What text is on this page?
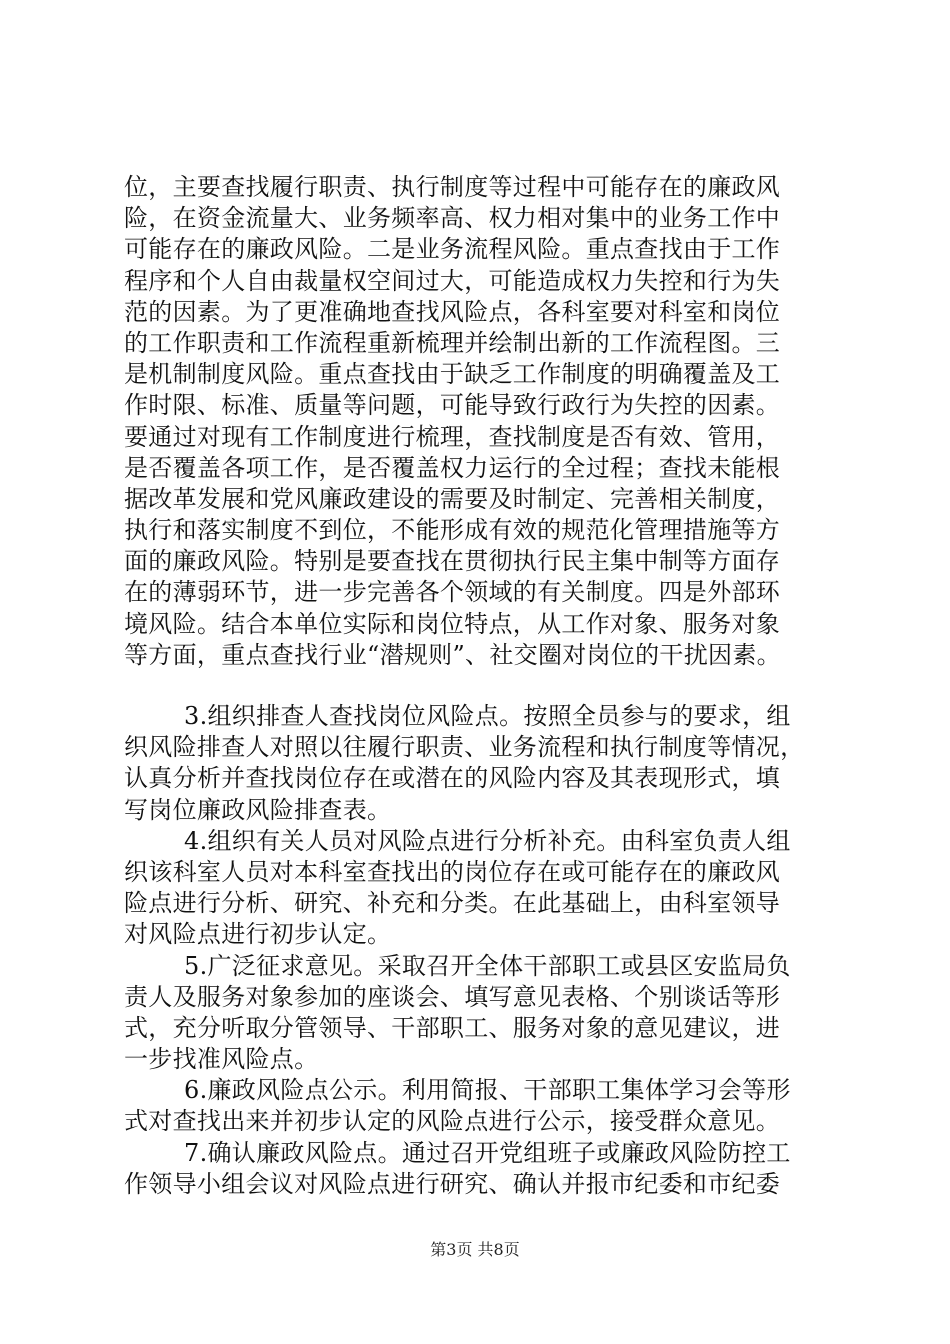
位，主要查找履行职责、执行制度等过程中可能存在的廉政风
险，在资金流量大、业务频率高、权力相对集中的业务工作中
可能存在的廉政风险。二是业务流程风险。重点查找由于工作
程序和个人自由裁量权空间过大，可能造成权力失控和行为失
范的因素。为了更准确地查找风险点，各科室要对科室和岗位
的工作职责和工作流程重新梳理并绘制出新的工作流程图。三
是机制制度风险。重点查找由于缺乏工作制度的明确覆盖及工
作时限、标准、质量等问题，可能导致行政行为失控的因素。
要通过对现有工作制度进行梳理，查找制度是否有效、管用，
是否覆盖各项工作，是否覆盖权力运行的全过程；查找未能根
据改革发展和党风廉政建设的需要及时制定、完善相关制度，
执行和落实制度不到位，不能形成有效的规范化管理措施等方
面的廉政风险。特别是要查找在贯彻执行民主集中制等方面存
在的薄弱环节，进一步完善各个领域的有关制度。四是外部环
境风险。结合本单位实际和岗位特点，从工作对象、服务对象
等方面，重点查找行业“潜规则”、社交圈对岗位的干扰因素。
3.组织排查人查找岗位风险点。按照全员参与的要求，组
织风险排查人对照以往履行职责、业务流程和执行制度等情况，
认真分析并查找岗位存在或潜在的风险内容及其表现形式，填
写岗位廉政风险排查表。
4.组织有关人员对风险点进行分析补充。由科室负责人组
织该科室人员对本科室查找出的岗位存在或可能存在的廉政风
险点进行分析、研究、补充和分类。在此基础上，由科室领导
对风险点进行初步认定。
5.广泛征求意见。采取召开全体干部职工或县区安监局负
责人及服务对象参加的座谈会、填写意见表格、个别谈话等形
式，充分听取分管领导、干部职工、服务对象的意见建议，进
一步找准风险点。
6.廉政风险点公示。利用简报、干部职工集体学习会等形
式对查找出来并初步认定的风险点进行公示，接受群众意见。
7.确认廉政风险点。通过召开党组班子或廉政风险防控工
作领导小组会议对风险点进行研究、确认并报市纪委和市纪委
第3页 共8页
